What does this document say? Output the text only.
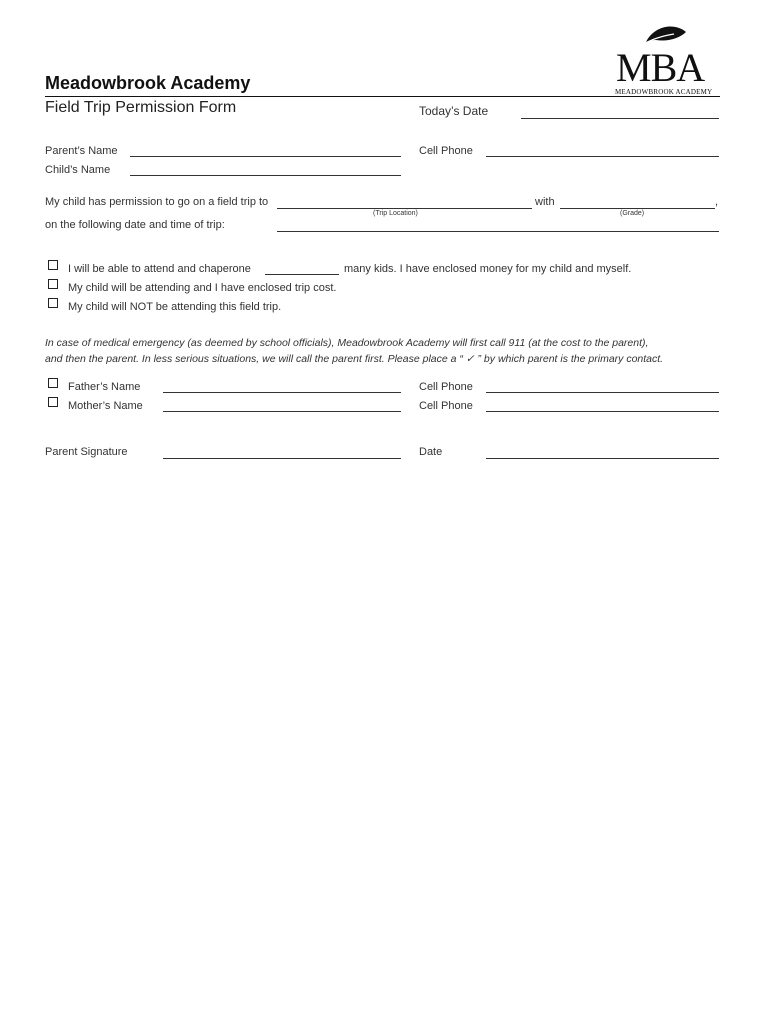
MBA
MEADOWBROOK ACADEMY
Meadowbrook Academy
Field Trip Permission Form	Today’s Date
Parent’s Name	Cell Phone
Child’s Name
My child has permission to go on a field trip to
(Trip Location)
with	,
(Grade)
on the following date and time of trip:
I will be able to attend and chaperone	many kids. I have enclosed money for my child and myself.
My child will be attending and I have enclosed trip cost.
My child will NOT be attending this field trip.
In case of medical emergency (as deemed by school officials), Meadowbrook Academy will first call 911 (at the cost to the parent),
and then the parent. In less serious situations, we will call the parent first. Please place a “ ✓ ” by which parent is the primary contact.
Father’s Name	Cell Phone
Mother’s Name	Cell Phone
Parent Signature	Date
